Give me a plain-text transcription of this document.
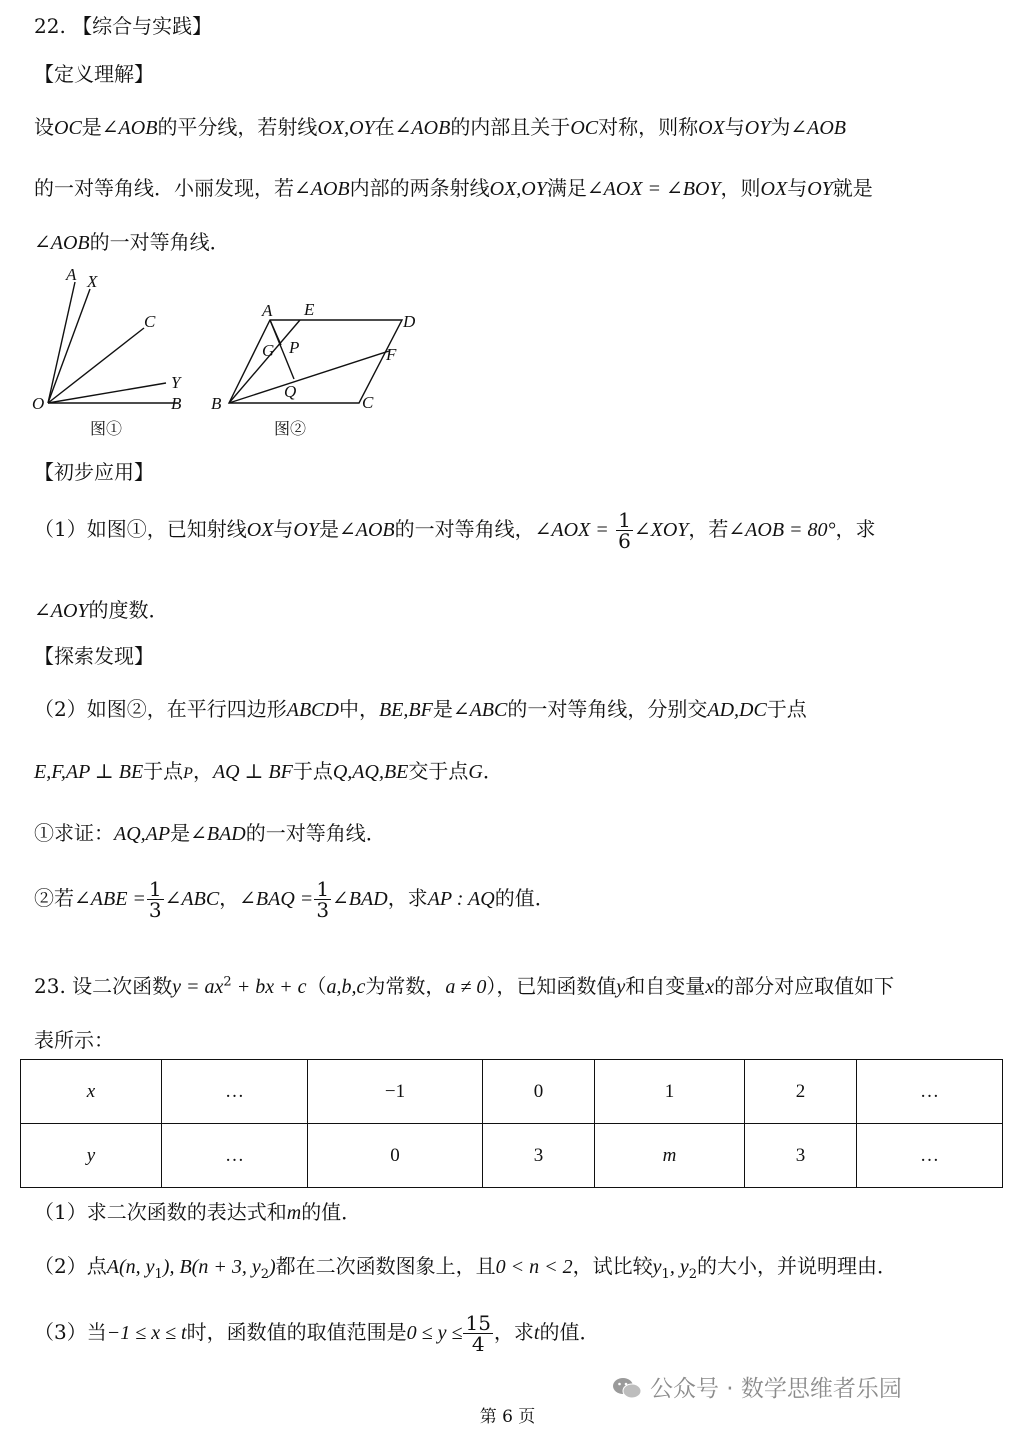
22. 【综合与实践】
【定义理解】
设OC是∠AOB的平分线，若射线OX,OY在∠AOB的内部且关于OC对称，则称OX与OY为∠AOB
的一对等角线．小丽发现，若∠AOB内部的两条射线OX,OY满足∠AOX = ∠BOY，则OX与OY就是
∠AOB的一对等角线．
A X
C
Y
O	B
图①
A E
D
G P	F
Q
B	C
图②
【初步应用】
（1）如图①，已知射线OX与OY是∠AOB的一对等角线，∠AOX = $\frac{1}{6}$ ∠XOY，若∠AOB = 80°，求
∠AOY的度数．
【探索发现】
（2）如图②，在平行四边形ABCD中，BE,BF是∠ABC的一对等角线，分别交AD,DC于点
E,F,AP ⊥ BE于点P，AQ ⊥ BF于点Q,AQ,BE交于点G．
①求证：AQ,AP是∠BAD的一对等角线．
②若∠ABE = $\frac{1}{3}$ ∠ABC，∠BAQ = $\frac{1}{3}$ ∠BAD，求AP : AQ的值．
23. 设二次函数$y = ax^2$ + bx + c（a,b,c为常数，a ≠ 0），已知函数值y和自变量x的部分对应取值如下
表所示：
x	…	−1	0	1	2	…
y	…	0	3	m	3	…
（1）求二次函数的表达式和m的值．
（2）点A(n, $y_1$), B(n + 3, $y_2$)都在二次函数图象上，且0 < n < 2，试比较$y_1$, $y_2$的大小，并说明理由．
（3）当−1 ≤ x ≤ t时，函数值的取值范围是$0 \le y \le \frac{15}{4}$ ，求t的值．
公众号 · 数学思维者乐园
第 6 页
